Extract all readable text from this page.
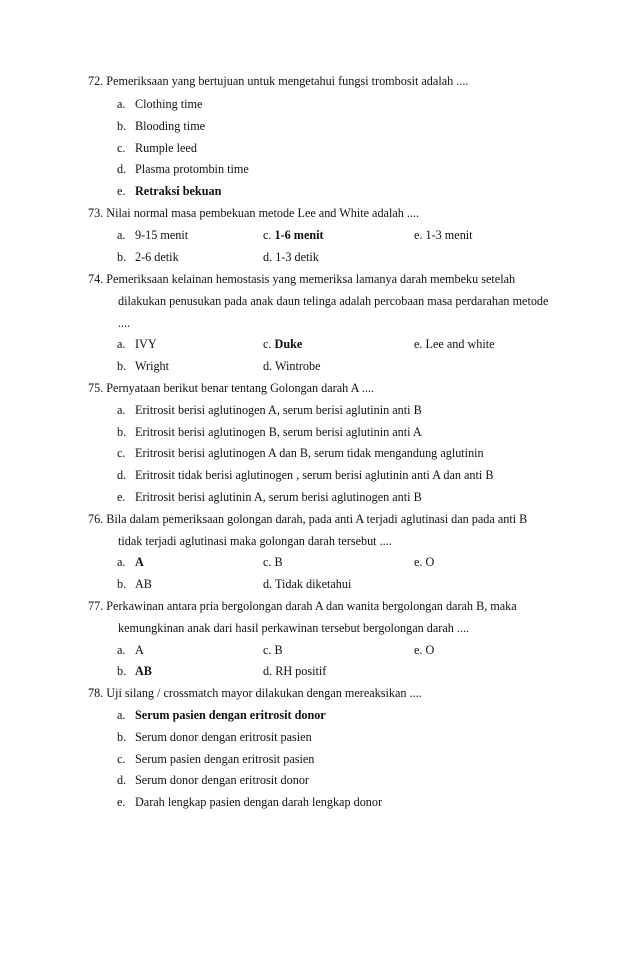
72. Pemeriksaan yang bertujuan untuk mengetahui fungsi trombosit adalah ....
a. Clothing time
b. Blooding time
c. Rumple leed
d. Plasma protombin time
e. Retraksi bekuan
73. Nilai normal masa pembekuan metode Lee and White adalah ....
a. 9-15 menit	c. 1-6 menit	e. 1-3 menit
b. 2-6 detik	d. 1-3 detik
74. Pemeriksaan kelainan hemostasis yang memeriksa lamanya darah membeku setelah
dilakukan penusukan pada anak daun telinga adalah percobaan masa perdarahan metode
....
a. IVY	c. Duke	e. Lee and white
b. Wright	d. Wintrobe
75. Pernyataan berikut benar tentang Golongan darah A ....
a. Eritrosit berisi aglutinogen A, serum berisi aglutinin anti B
b. Eritrosit berisi aglutinogen B, serum berisi aglutinin anti A
c. Eritrosit berisi aglutinogen A dan B, serum tidak mengandung aglutinin
d. Eritrosit tidak berisi aglutinogen , serum berisi aglutinin anti A dan anti B
e. Eritrosit berisi aglutinin A, serum berisi aglutinogen anti B
76. Bila dalam pemeriksaan golongan darah, pada anti A terjadi aglutinasi dan pada anti B
tidak terjadi aglutinasi maka golongan darah tersebut ....
a. A	c. B	e. O
b. AB	d. Tidak diketahui
77. Perkawinan antara pria bergolongan darah A dan wanita bergolongan darah B, maka
kemungkinan anak dari hasil perkawinan tersebut bergolongan darah ....
a. A	c. B	e. O
b. AB	d. RH positif
78. Uji silang / crossmatch mayor dilakukan dengan mereaksikan ....
a. Serum pasien dengan eritrosit donor
b. Serum donor dengan eritrosit pasien
c. Serum pasien dengan eritrosit pasien
d. Serum donor dengan eritrosit donor
e. Darah lengkap pasien dengan darah lengkap donor
